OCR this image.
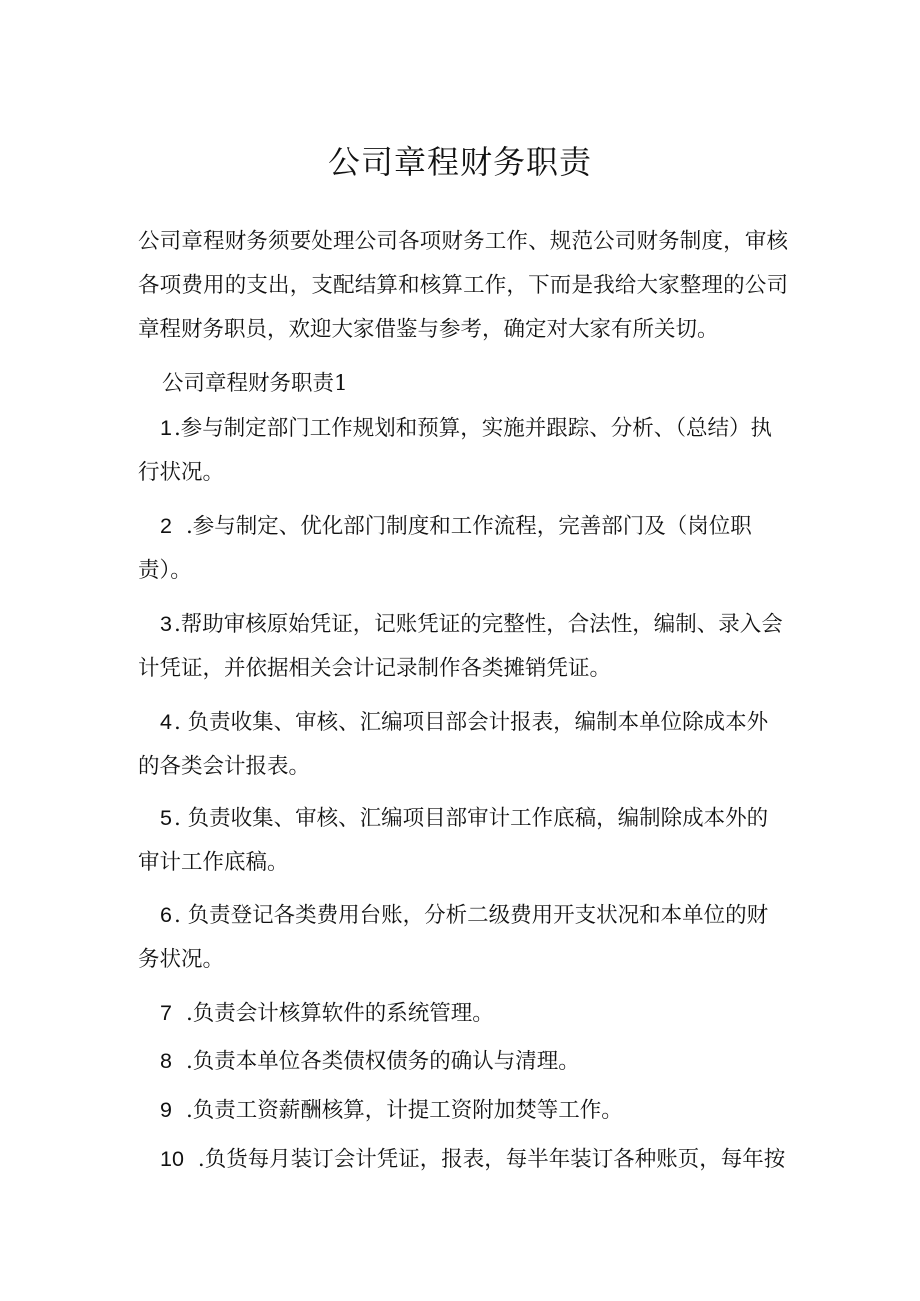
公司章程财务职责
公司章程财务须要处理公司各项财务工作、规范公司财务制度，审核各项费用的支出，支配结算和核算工作，下而是我给大家整理的公司章程财务职员，欢迎大家借鉴与参考，确定对大家有所关切。
公司章程财务职责1
1.参与制定部门工作规划和预算，实施并跟踪、分析、（总结）执行状况。
2 .参与制定、优化部门制度和工作流程，完善部门及（岗位职责）。
3.帮助审核原始凭证，记账凭证的完整性，合法性，编制、录入会计凭证，并依据相关会计记录制作各类摊销凭证。
4. 负责收集、审核、汇编项目部会计报表，编制本单位除成本外的各类会计报表。
5. 负责收集、审核、汇编项目部审计工作底稿，编制除成本外的审计工作底稿。
6. 负责登记各类费用台账，分析二级费用开支状况和本单位的财务状况。
7 .负责会计核算软件的系统管理。
8 .负责本单位各类债权债务的确认与清理。
9 .负责工资薪酬核算，计提工资附加焚等工作。
10 .负货每月装订会计凭证，报表，每半年装订各种账页，每年按
